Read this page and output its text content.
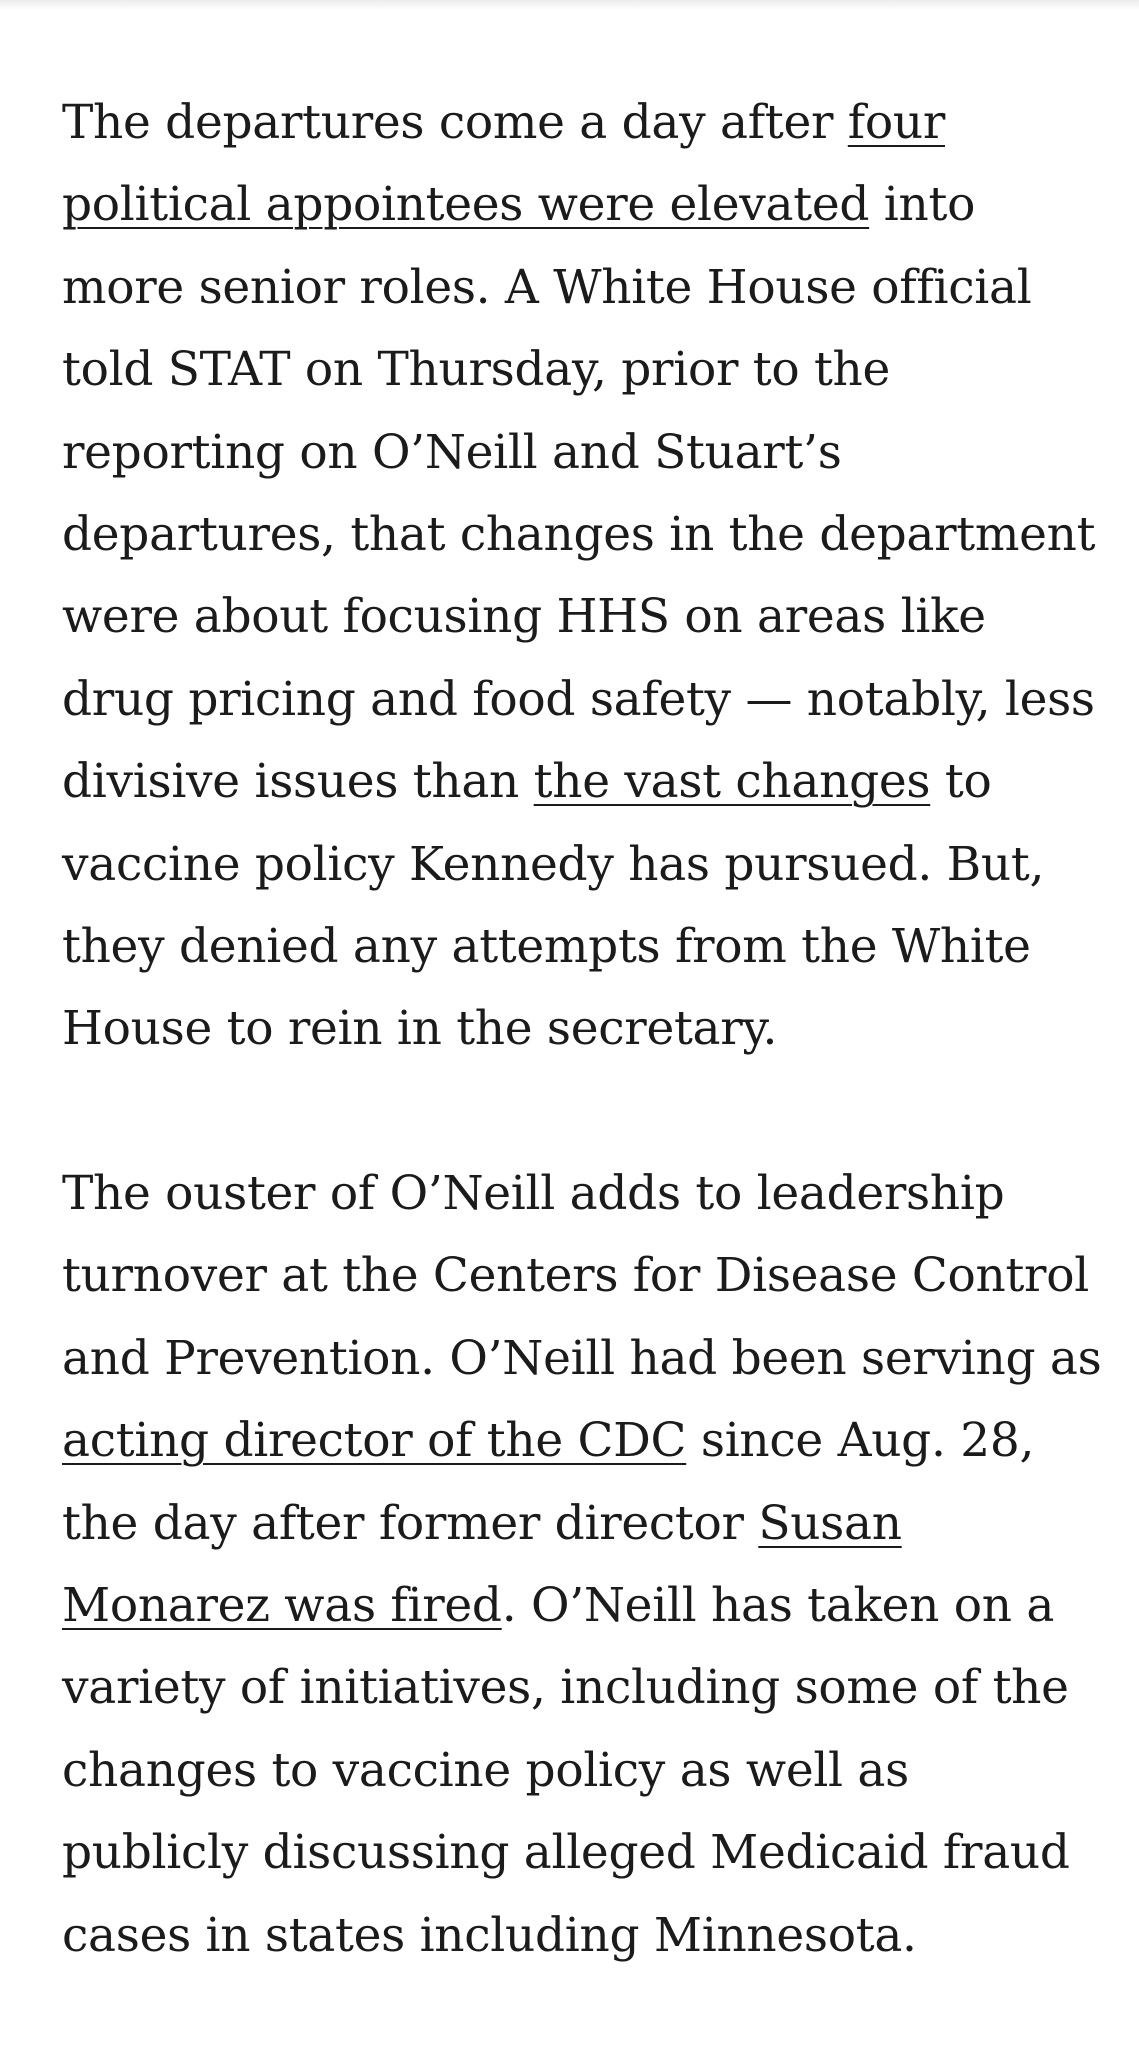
The departures come a day after four political appointees were elevated into more senior roles. A White House official told STAT on Thursday, prior to the reporting on O’Neill and Stuart’s departures, that changes in the department were about focusing HHS on areas like drug pricing and food safety — notably, less divisive issues than the vast changes to vaccine policy Kennedy has pursued. But, they denied any attempts from the White House to rein in the secretary.

The ouster of O’Neill adds to leadership turnover at the Centers for Disease Control and Prevention. O’Neill had been serving as acting director of the CDC since Aug. 28, the day after former director Susan Monarez was fired. O’Neill has taken on a variety of initiatives, including some of the changes to vaccine policy as well as publicly discussing alleged Medicaid fraud cases in states including Minnesota.
